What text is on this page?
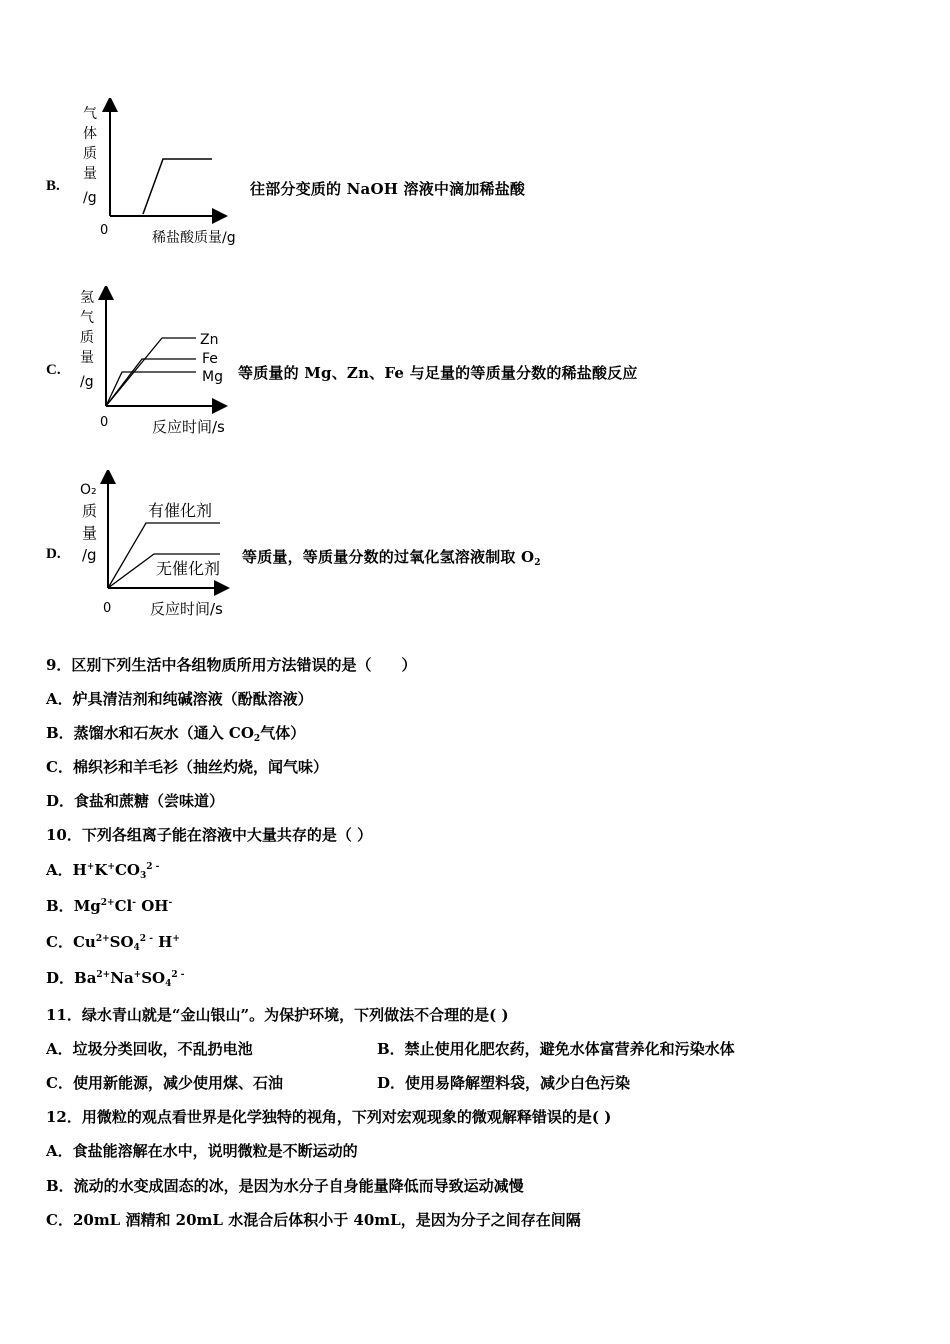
B.
气
体
质
量
/g
0	稀盐酸质量/g
往部分变质的 NaOH 溶液中滴加稀盐酸
C.
Zn
Fe
Mg
氢
气
质
量
/g
0	反应时间/s
等质量的 Mg、Zn、Fe 与足量的等质量分数的稀盐酸反应
D.
有催化剂
无催化剂
O₂
质
量
/g
0	反应时间/s
等质量，等质量分数的过氧化氢溶液制取 $O_2$
9．区别下列生活中各组物质所用方法错误的是（　　）
A．炉具清洁剂和纯碱溶液（酚酞溶液）
B．蒸馏水和石灰水（通入 $CO_2$气体）
C．棉织衫和羊毛衫（抽丝灼烧，闻气味）
D．食盐和蔗糖（尝味道）
10．下列各组离子能在溶液中大量共存的是（ ）
A．$H^+K^+CO_3^{2 -}$
B．$Mg^{2+}Cl^-$ OH-
C．$Cu^{2+}SO_4^{2 -}$ H+
D．$Ba^{2+}Na^+SO_4^{2 -}$
11．绿水青山就是“金山银山”。为保护环境，下列做法不合理的是( )
A．垃圾分类回收，不乱扔电池	B．禁止使用化肥农药，避免水体富营养化和污染水体
C．使用新能源，减少使用煤、石油	D．使用易降解塑料袋，减少白色污染
12．用微粒的观点看世界是化学独特的视角，下列对宏观现象的微观解释错误的是( )
A．食盐能溶解在水中，说明微粒是不断运动的
B．流动的水变成固态的冰，是因为水分子自身能量降低而导致运动减慢
C．20mL 酒精和 20mL 水混合后体积小于 40mL，是因为分子之间存在间隔
